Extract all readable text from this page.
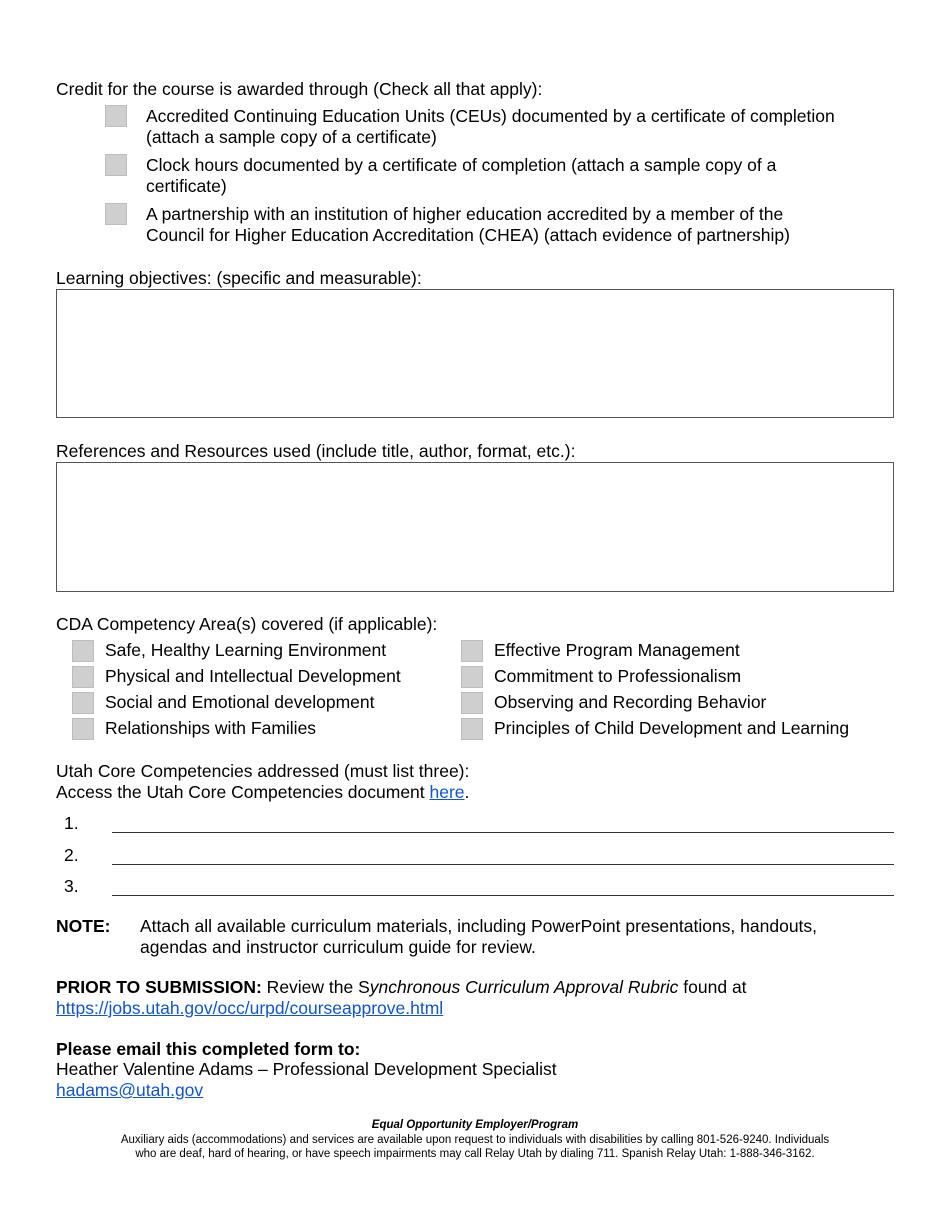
Credit for the course is awarded through (Check all that apply):
Accredited Continuing Education Units (CEUs) documented by a certificate of completion
(attach a sample copy of a certificate)
Clock hours documented by a certificate of completion (attach a sample copy of a
certificate)
A partnership with an institution of higher education accredited by a member of the
Council for Higher Education Accreditation (CHEA) (attach evidence of partnership)
Learning objectives: (specific and measurable):
References and Resources used (include title, author, format, etc.):
CDA Competency Area(s) covered (if applicable):
Safe, Healthy Learning Environment
Physical and Intellectual Development
Social and Emotional development
Relationships with Families
Effective Program Management
Commitment to Professionalism
Observing and Recording Behavior
Principles of Child Development and Learning
Utah Core Competencies addressed (must list three):
Access the Utah Core Competencies document here.
1.
2.
3.
NOTE: Attach all available curriculum materials, including PowerPoint presentations, handouts,
agendas and instructor curriculum guide for review.
PRIOR TO SUBMISSION: Review the Synchronous Curriculum Approval Rubric found at
https://jobs.utah.gov/occ/urpd/courseapprove.html
Please email this completed form to:
Heather Valentine Adams – Professional Development Specialist
hadams@utah.gov
Equal Opportunity Employer/Program
Auxiliary aids (accommodations) and services are available upon request to individuals with disabilities by calling 801-526-9240. Individuals
who are deaf, hard of hearing, or have speech impairments may call Relay Utah by dialing 711. Spanish Relay Utah: 1-888-346-3162.
